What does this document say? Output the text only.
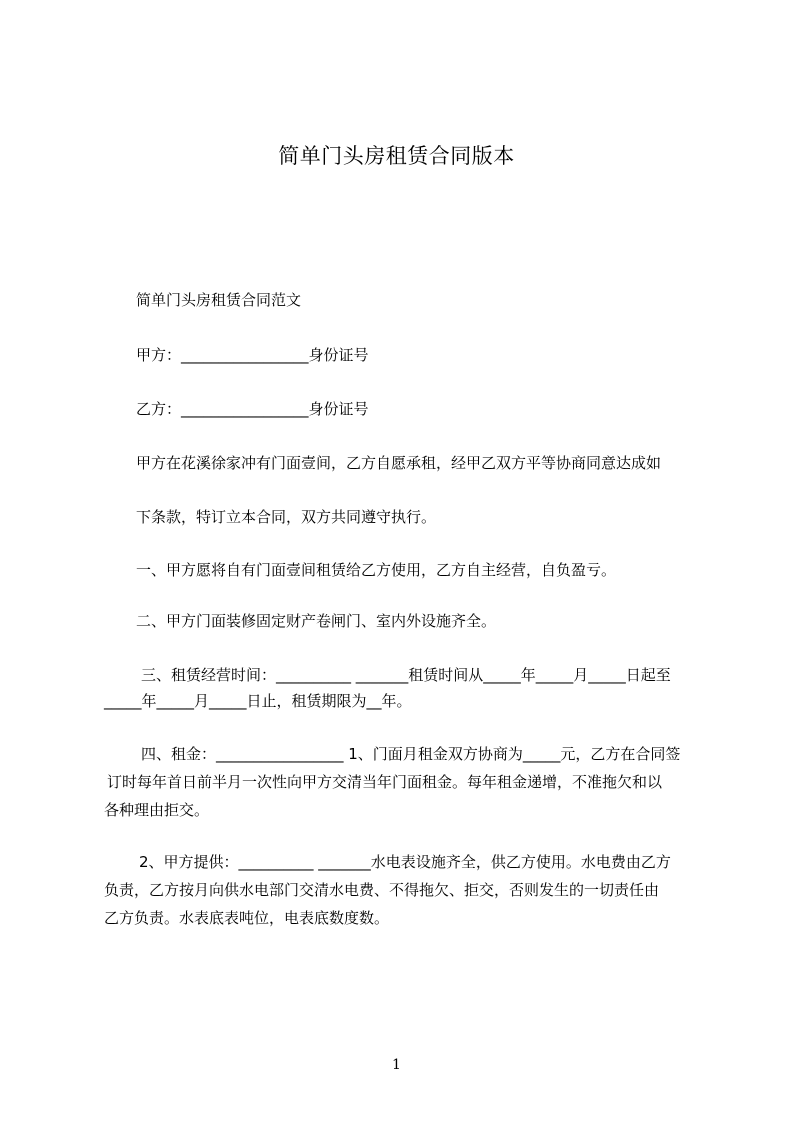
简单门头房租赁合同版本
简单门头房租赁合同范文
甲方：_________________身份证号
乙方：_________________身份证号
甲方在花溪徐家冲有门面壹间，乙方自愿承租，经甲乙双方平等协商同意达成如
下条款，特订立本合同，双方共同遵守执行。
一、甲方愿将自有门面壹间租赁给乙方使用，乙方自主经营，自负盈亏。
二、甲方门面装修固定财产卷闸门、室内外设施齐全。
三、租赁经营时间：__________ _______租赁时间从_____年_____月_____日起至
_____年_____月_____日止，租赁期限为__年。
四、租金：_________________ 1、门面月租金双方协商为_____元，乙方在合同签
订时每年首日前半月一次性向甲方交清当年门面租金。每年租金递增，不准拖欠和以
各种理由拒交。
2、甲方提供：__________ _______水电表设施齐全，供乙方使用。水电费由乙方
负责，乙方按月向供水电部门交清水电费、不得拖欠、拒交，否则发生的一切责任由
乙方负责。水表底表吨位，电表底数度数。
1
